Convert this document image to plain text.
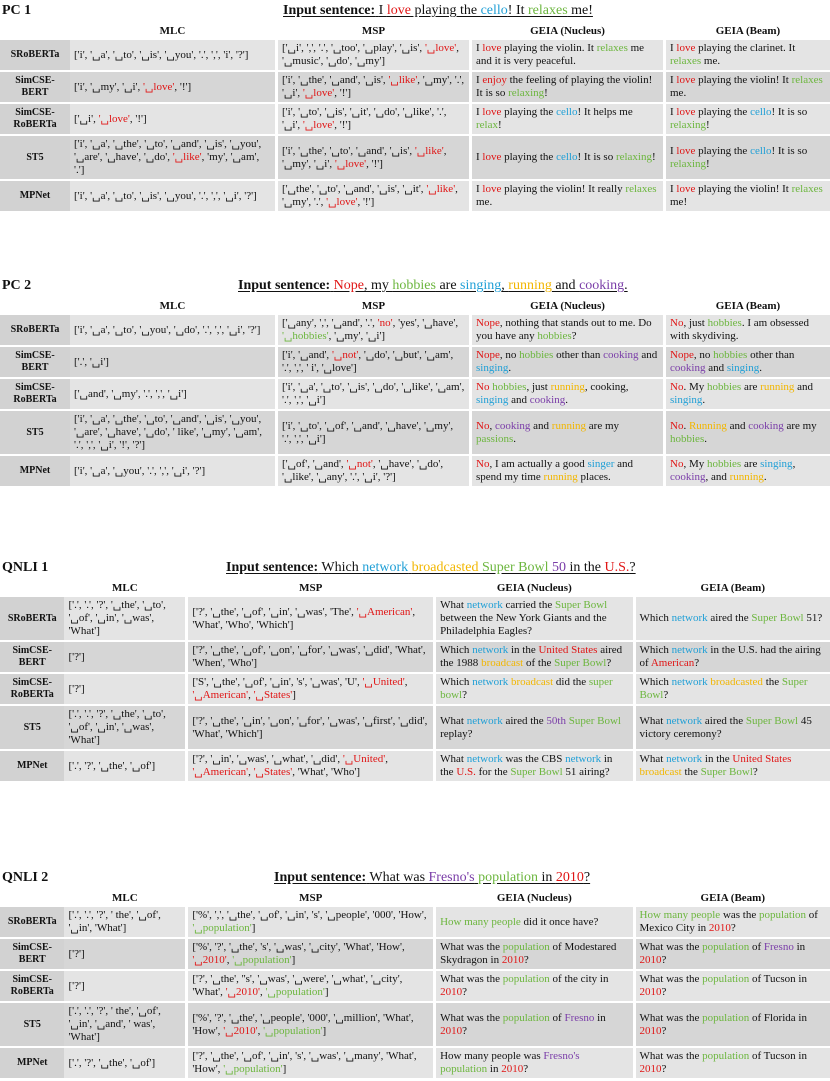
PC 1	Input sentence: I love playing the cello! It relaxes me!
	MLC		MSP		GEIA (Nucleus)		GEIA (Beam)
SRoBERTa	['i', '␣a', '␣to', '␣is', '␣you', '.', ',', 'i', '?']		['␣i', ',', '.', '␣too', '␣play', '␣is', '␣love', '␣music', '␣do', '␣my']		I love playing the violin. It relaxes me and it is very peaceful.		I love playing the clarinet. It relaxes me.
SimCSE-BERT	['i', '␣my', '␣i', '␣love', '!']		['i', '␣the', '␣and', '␣is', '␣like', '␣my', '.', '␣i', '␣love', '!']		I enjoy the feeling of playing the violin! It is so relaxing!		I love playing the violin! It relaxes me.
SimCSE-RoBERTa	['␣i', '␣love', '!']		['i', '␣to', '␣is', '␣it', '␣do', '␣like', '.', '␣i', '␣love', '!']		I love playing the cello! It helps me relax!		I love playing the cello! It is so relaxing!
ST5	['i', '␣a', '␣the', '␣to', '␣and', '␣is', '␣you', '␣are', '␣have', '␣do', '␣like', 'my', '␣am', '.']		['i', '␣the', '␣to', '␣and', '␣is', '␣like', '␣my', '␣i', '␣love', '!']		I love playing the cello! It is so relaxing!		I love playing the cello! It is so relaxing!
MPNet	['i', '␣a', '␣to', '␣is', '␣you', '.', ',', '␣i', '?']		['␣the', '␣to', '␣and', '␣is', '␣it', '␣like', '␣my', '.', '␣love', '!']		I love playing the violin! It really relaxes me.		I love playing the violin! It relaxes me!
PC 2	Input sentence: Nope, my hobbies are singing, running and cooking.
	MLC		MSP		GEIA (Nucleus)		GEIA (Beam)
SRoBERTa	['i', '␣a', '␣to', '␣you', '␣do', '.', ',', '␣i', '?']		['␣any', ',', '␣and', '.', 'no', 'yes', '␣have', '␣hobbies', '␣my', '␣i']		Nope, nothing that stands out to me. Do you have any hobbies?		No, just hobbies. I am obsessed with skydiving.
SimCSE-BERT	['.', '␣i']		['i', '␣and', '␣not', '␣do', '␣but', '␣am', '.', ',', ' i', '␣love']		Nope, no hobbies other than cooking and singing.		Nope, no hobbies other than cooking and singing.
SimCSE-RoBERTa	['␣and', '␣my', '.', ',', '␣i']		['i', '␣a', '␣to', '␣is', '␣do', '␣like', '␣am', '.', ',', '␣i']		No hobbies, just running, cooking, singing and cooking.		No. My hobbies are running and singing.
ST5	['i', '␣a', '␣the', '␣to', '␣and', '␣is', '␣you', '␣are', '␣have', '␣do', ' like', '␣my', '␣am', '.', ',', '␣i', '!', '?']		['i', '␣to', '␣of', '␣and', '␣have', '␣my', '.', ',', '␣i']		No, cooking and running are my passions.		No. Running and cooking are my hobbies.
MPNet	['i', '␣a', '␣you', '.', ',', '␣i', '?']		['␣of', '␣and', '␣not', '␣have', '␣do', '␣like', '␣any', '.', '␣i', '?']		No, I am actually a good singer and spend my time running places.		No, My hobbies are singing, cooking, and running.
QNLI 1	Input sentence: Which network broadcasted Super Bowl 50 in the U.S.?
	MLC		MSP		GEIA (Nucleus)		GEIA (Beam)
SRoBERTa	['.', '.', '?', '␣the', '␣to', '␣of', '␣in', '␣was', 'What']		['?', '␣the', '␣of', '␣in', '␣was', 'The', '␣American', 'What', 'Who', 'Which']		What network carried the Super Bowl between the New York Giants and the Philadelphia Eagles?		Which network aired the Super Bowl 51?
SimCSE-BERT	['?']		['?', '␣the', '␣of', '␣on', '␣for', '␣was', '␣did', 'What', 'When', 'Who']		Which network in the United States aired the 1988 broadcast of the Super Bowl?		Which network in the U.S. had the airing of American?
SimCSE-RoBERTa	['?']		['S', '␣the', '␣of', '␣in', 's', '␣was', 'U', '␣United', '␣American', '␣States']		Which network broadcast did the super bowl?		Which network broadcasted the Super Bowl?
ST5	['.', '.', '?', '␣the', '␣to', '␣of', '␣in', '␣was', 'What']		['?', '␣the', '␣in', '␣on', '␣for', '␣was', '␣first', '␣did', 'What', 'Which']		What network aired the 50th Super Bowl replay?		What network aired the Super Bowl 45 victory ceremony?
MPNet	['.', '?', '␣the', '␣of']		['?', '␣in', '␣was', '␣what', '␣did', '␣United', '␣American', '␣States', 'What', 'Who']		What network was the CBS network in the U.S. for the Super Bowl 51 airing?		What network in the United States broadcast the Super Bowl?
QNLI 2	Input sentence: What was Fresno's population in 2010?
	MLC		MSP		GEIA (Nucleus)		GEIA (Beam)
SRoBERTa	['.', '.', '?', ' the', '␣of', '␣in', 'What']		['%', ',', '␣the', '␣of', '␣in', 's', '␣people', '000', 'How', '␣population']		How many people did it once have?		How many people was the population of Mexico City in 2010?
SimCSE-BERT	['?']		['%', '?', '␣the', 's', '␣was', '␣city', 'What', 'How', '␣2010', '␣population']		What was the population of Modestared Skydragon in 2010?		What was the population of Fresno in 2010?
SimCSE-RoBERTa	['?']		['?', '␣the', ''s', '␣was', '␣were', '␣what', '␣city', 'What', '␣2010', '␣population']		What was the population of the city in 2010?		What was the population of Tucson in 2010?
ST5	['.', '.', '?', ' the', '␣of', '␣in', '␣and', ' was', 'What']		['%', '?', '␣the', '␣people', '000', '␣million', 'What', 'How', '␣2010', '␣population']		What was the population of Fresno in 2010?		What was the population of Florida in 2010?
MPNet	['.', '?', '␣the', '␣of']		['?', '␣the', '␣of', '␣in', 's', '␣was', '␣many', 'What', 'How', '␣population']		How many people was Fresno's population in 2010?		What was the population of Tucson in 2010?
